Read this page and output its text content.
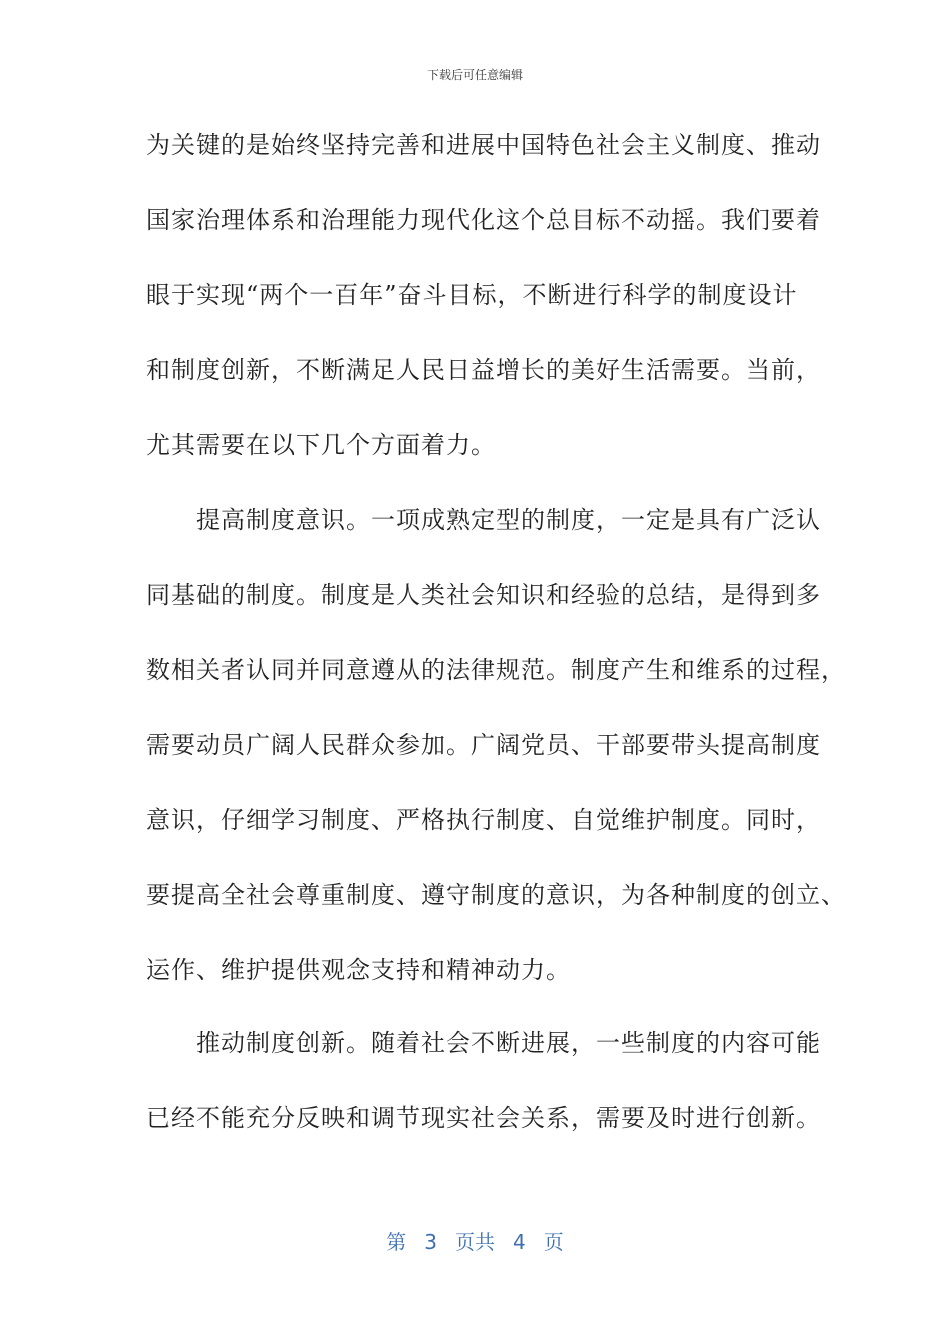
下载后可任意编辑
为关键的是始终坚持完善和进展中国特色社会主义制度、推动
国家治理体系和治理能力现代化这个总目标不动摇。我们要着
眼于实现“两个一百年”奋斗目标，不断进行科学的制度设计
和制度创新，不断满足人民日益增长的美好生活需要。当前，
尤其需要在以下几个方面着力。
　　提高制度意识。一项成熟定型的制度，一定是具有广泛认
同基础的制度。制度是人类社会知识和经验的总结，是得到多
数相关者认同并同意遵从的法律规范。制度产生和维系的过程，
需要动员广阔人民群众参加。广阔党员、干部要带头提高制度
意识，仔细学习制度、严格执行制度、自觉维护制度。同时，
要提高全社会尊重制度、遵守制度的意识，为各种制度的创立、
运作、维护提供观念支持和精神动力。
　　推动制度创新。随着社会不断进展，一些制度的内容可能
已经不能充分反映和调节现实社会关系，需要及时进行创新。
第 3 页共 4 页
